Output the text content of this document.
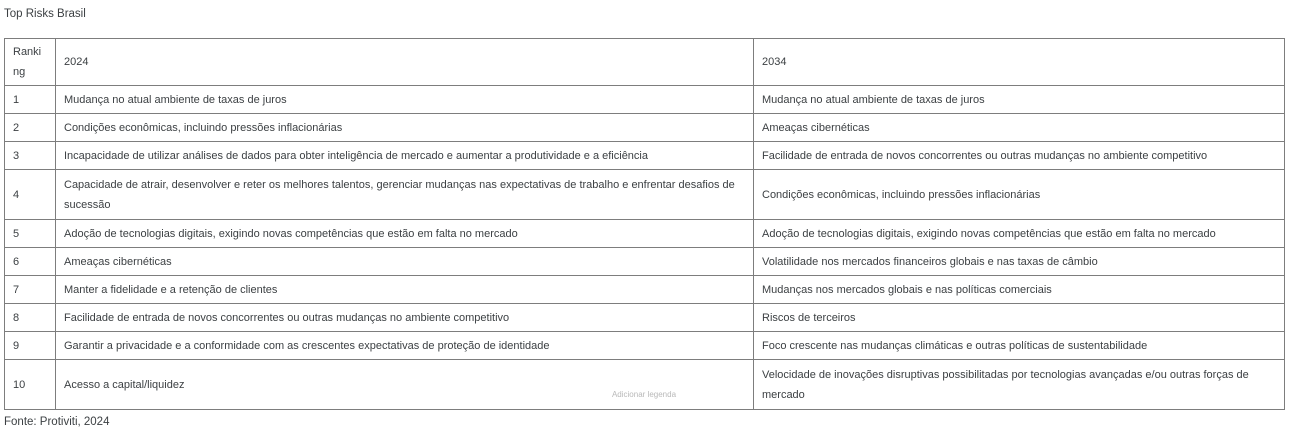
Top Risks Brasil
Ranking	2024	2034
1	Mudança no atual ambiente de taxas de juros	Mudança no atual ambiente de taxas de juros
2	Condições econômicas, incluindo pressões inflacionárias	Ameaças cibernéticas
3	Incapacidade de utilizar análises de dados para obter inteligência de mercado e aumentar a produtividade e a eficiência	Facilidade de entrada de novos concorrentes ou outras mudanças no ambiente competitivo
4	Capacidade de atrair, desenvolver e reter os melhores talentos, gerenciar mudanças nas expectativas de trabalho e enfrentar desafios de sucessão	Condições econômicas, incluindo pressões inflacionárias
5	Adoção de tecnologias digitais, exigindo novas competências que estão em falta no mercado	Adoção de tecnologias digitais, exigindo novas competências que estão em falta no mercado
6	Ameaças cibernéticas	Volatilidade nos mercados financeiros globais e nas taxas de câmbio
7	Manter a fidelidade e a retenção de clientes	Mudanças nos mercados globais e nas políticas comerciais
8	Facilidade de entrada de novos concorrentes ou outras mudanças no ambiente competitivo	Riscos de terceiros
9	Garantir a privacidade e a conformidade com as crescentes expectativas de proteção de identidade	Foco crescente nas mudanças climáticas e outras políticas de sustentabilidade
10	Acesso a capital/liquidez	Velocidade de inovações disruptivas possibilitadas por tecnologias avançadas e/ou outras forças de mercado
Adicionar legenda
Fonte: Protiviti, 2024
